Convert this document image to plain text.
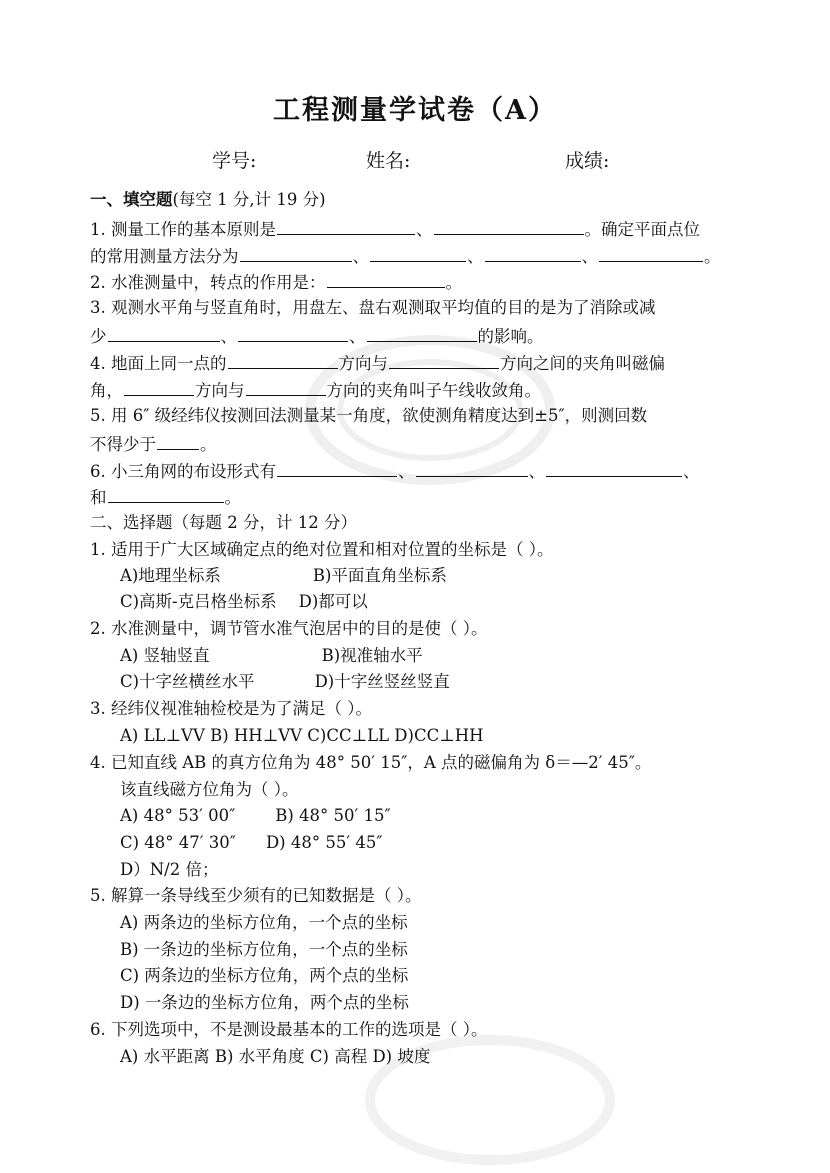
工程测量学试卷（A）
学号:	姓名:	成绩:
一、填空题(每空 1 分,计 19 分)
1. 测量工作的基本原则是	、	。确定平面点位
的常用测量方法分为	、	、	、	。
2. 水准测量中，转点的作用是：	。
3. 观测水平角与竖直角时，用盘左、盘右观测取平均值的目的是为了消除或减
少	、	、	的影响。
4. 地面上同一点的	方向与	方向之间的夹角叫磁偏
角，	方向与	方向的夹角叫子午线收敛角。
5. 用 6″ 级经纬仪按测回法测量某一角度，欲使测角精度达到±5″，则测回数
不得少于	。
6. 小三角网的布设形式有	、	、	、
和	。
二、选择题（每题 2 分，计 12 分）
1. 适用于广大区域确定点的绝对位置和相对位置的坐标是（ ）。
A)地理坐标系	B)平面直角坐标系
C)高斯-克吕格坐标系 D)都可以
2. 水准测量中，调节管水准气泡居中的目的是使（ ）。
A) 竖轴竖直	B)视准轴水平
C)十字丝横丝水平	D)十字丝竖丝竖直
3. 经纬仪视准轴检校是为了满足（ ）。
A) LL⊥VV B) HH⊥VV C)CC⊥LL D)CC⊥HH
4. 已知直线 AB 的真方位角为 48° 50′ 15″，A 点的磁偏角为 δ＝—2′ 45″。
该直线磁方位角为（ ）。
A) 48° 53′ 00″ B) 48° 50′ 15″
C) 48° 47′ 30″ D) 48° 55′ 45″
D）N/2 倍；
5. 解算一条导线至少须有的已知数据是（ ）。
A) 两条边的坐标方位角，一个点的坐标
B) 一条边的坐标方位角，一个点的坐标
C) 两条边的坐标方位角，两个点的坐标
D) 一条边的坐标方位角，两个点的坐标
6. 下列选项中，不是测设最基本的工作的选项是（ ）。
A) 水平距离 B) 水平角度 C) 高程 D) 坡度
